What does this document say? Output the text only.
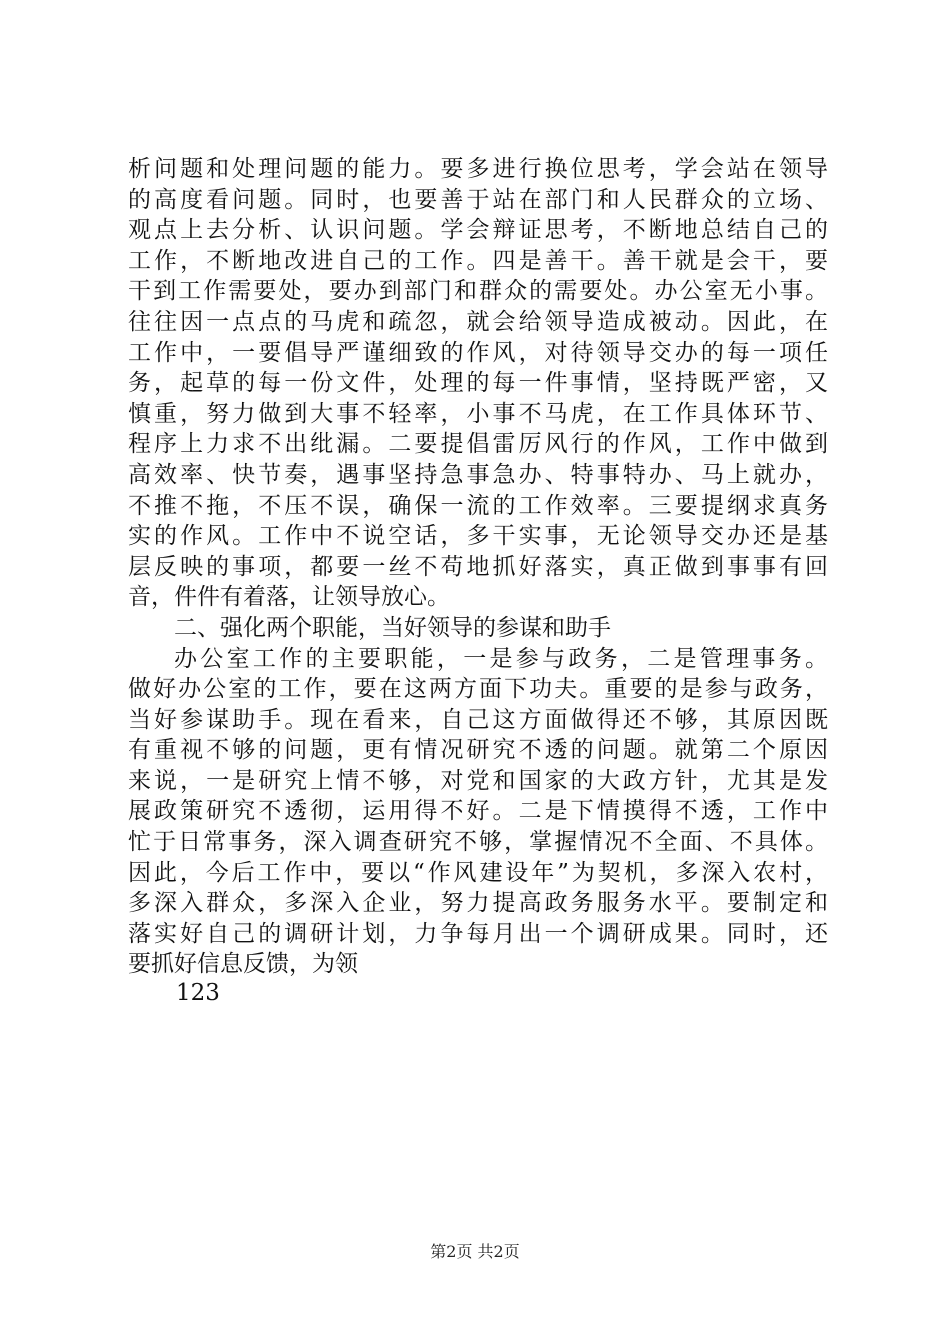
析问题和处理问题的能力。要多进行换位思考，学会站在领导
的高度看问题。同时，也要善于站在部门和人民群众的立场、
观点上去分析、认识问题。学会辩证思考，不断地总结自己的
工作，不断地改进自己的工作。四是善干。善干就是会干，要
干到工作需要处，要办到部门和群众的需要处。办公室无小事。
往往因一点点的马虎和疏忽，就会给领导造成被动。因此，在
工作中，一要倡导严谨细致的作风，对待领导交办的每一项任
务，起草的每一份文件，处理的每一件事情，坚持既严密，又
慎重，努力做到大事不轻率，小事不马虎，在工作具体环节、
程序上力求不出纰漏。二要提倡雷厉风行的作风，工作中做到
高效率、快节奏，遇事坚持急事急办、特事特办、马上就办，
不推不拖，不压不误，确保一流的工作效率。三要提纲求真务
实的作风。工作中不说空话，多干实事，无论领导交办还是基
层反映的事项，都要一丝不苟地抓好落实，真正做到事事有回
音，件件有着落，让领导放心。
二、强化两个职能，当好领导的参谋和助手
办公室工作的主要职能，一是参与政务，二是管理事务。
做好办公室的工作，要在这两方面下功夫。重要的是参与政务，
当好参谋助手。现在看来，自己这方面做得还不够，其原因既
有重视不够的问题，更有情况研究不透的问题。就第二个原因
来说，一是研究上情不够，对党和国家的大政方针，尤其是发
展政策研究不透彻，运用得不好。二是下情摸得不透，工作中
忙于日常事务，深入调查研究不够，掌握情况不全面、不具体。
因此，今后工作中，要以“作风建设年”为契机，多深入农村，
多深入群众，多深入企业，努力提高政务服务水平。要制定和
落实好自己的调研计划，力争每月出一个调研成果。同时，还
要抓好信息反馈，为领
123
第2页 共2页
